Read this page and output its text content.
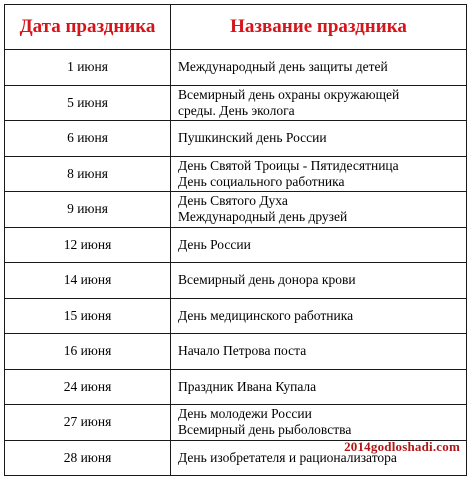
Дата праздника	Название праздника
1 июня	Международный день защиты детей

5 июня	Всемирный день охраны окружающей
среды. День эколога

6 июня	Пушкинский день России

8 июня	День Святой Троицы - Пятидесятница
День социального работника

9 июня	День Святого Духа
Международный день друзей

12 июня	День России

14 июня	Всемирный день донора крови

15 июня	День медицинского работника

16 июня	Начало Петрова поста

24 июня	Праздник Ивана Купала

27 июня	День молодежи России
Всемирный день рыболовства

28 июня	День изобретателя и рационализатора
2014godloshadi.com
